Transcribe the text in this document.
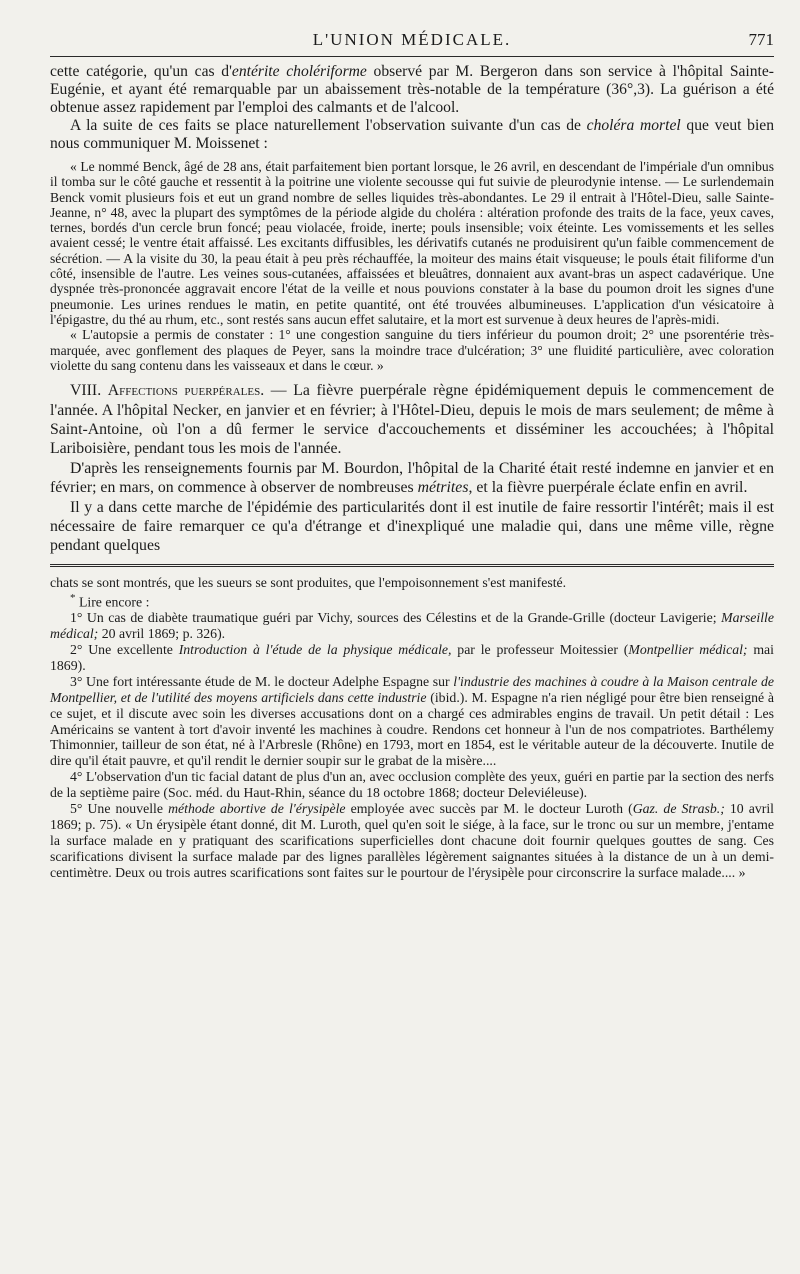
L'UNION MÉDICALE.	771

cette catégorie, qu'un cas d'entérite cholériforme observé par M. Bergeron dans son service à l'hôpital Sainte-Eugénie, et ayant été remarquable par un abaissement très-notable de la température (36°,3). La guérison a été obtenue assez rapidement par l'emploi des calmants et de l'alcool.

A la suite de ces faits se place naturellement l'observation suivante d'un cas de choléra mortel que veut bien nous communiquer M. Moissenet :

« Le nommé Benck, âgé de 28 ans, était parfaitement bien portant lorsque, le 26 avril, en descendant de l'impériale d'un omnibus il tomba sur le côté gauche et ressentit à la poitrine une violente secousse qui fut suivie de pleurodynie intense. — Le surlendemain Benck vomit plusieurs fois et eut un grand nombre de selles liquides très-abondantes. Le 29 il entrait à l'Hôtel-Dieu, salle Sainte-Jeanne, n° 48, avec la plupart des symptômes de la période algide du choléra : altération profonde des traits de la face, yeux caves, ternes, bordés d'un cercle brun foncé; peau violacée, froide, inerte; pouls insensible; voix éteinte. Les vomissements et les selles avaient cessé; le ventre était affaissé. Les excitants diffusibles, les dérivatifs cutanés ne produisirent qu'un faible commencement de sécrétion. — A la visite du 30, la peau était à peu près réchauffée, la moiteur des mains était visqueuse; le pouls était filiforme d'un côté, insensible de l'autre. Les veines sous-cutanées, affaissées et bleuâtres, donnaient aux avant-bras un aspect cadavérique. Une dyspnée très-prononcée aggravait encore l'état de la veille et nous pouvions constater à la base du poumon droit les signes d'une pneumonie. Les urines rendues le matin, en petite quantité, ont été trouvées albumineuses. L'application d'un vésicatoire à l'épigastre, du thé au rhum, etc., sont restés sans aucun effet salutaire, et la mort est survenue à deux heures de l'après-midi.

« L'autopsie a permis de constater : 1° une congestion sanguine du tiers inférieur du poumon droit; 2° une psorentérie très-marquée, avec gonflement des plaques de Peyer, sans la moindre trace d'ulcération; 3° une fluidité particulière, avec coloration violette du sang contenu dans les vaisseaux et dans le cœur. »

VIII. Affections puerpérales. — La fièvre puerpérale règne épidémiquement depuis le commencement de l'année. A l'hôpital Necker, en janvier et en février; à l'Hôtel-Dieu, depuis le mois de mars seulement; de même à Saint-Antoine, où l'on a dû fermer le service d'accouchements et disséminer les accouchées; à l'hôpital Lariboisière, pendant tous les mois de l'année.

D'après les renseignements fournis par M. Bourdon, l'hôpital de la Charité était resté indemne en janvier et en février; en mars, on commence à observer de nombreuses métrites, et la fièvre puerpérale éclate enfin en avril.

Il y a dans cette marche de l'épidémie des particularités dont il est inutile de faire ressortir l'intérêt; mais il est nécessaire de faire remarquer ce qu'a d'étrange et d'inexpliqué une maladie qui, dans une même ville, règne pendant quelques

chats se sont montrés, que les sueurs se sont produites, que l'empoisonnement s'est manifesté.

* Lire encore :

1° Un cas de diabète traumatique guéri par Vichy, sources des Célestins et de la Grande-Grille (docteur Lavigerie; Marseille médical; 20 avril 1869; p. 326).

2° Une excellente Introduction à l'étude de la physique médicale, par le professeur Moitessier (Montpellier médical; mai 1869).

3° Une fort intéressante étude de M. le docteur Adelphe Espagne sur l'industrie des machines à coudre à la Maison centrale de Montpellier, et de l'utilité des moyens artificiels dans cette industrie (ibid.). M. Espagne n'a rien négligé pour être bien renseigné à ce sujet, et il discute avec soin les diverses accusations dont on a chargé ces admirables engins de travail. Un petit détail : Les Américains se vantent à tort d'avoir inventé les machines à coudre. Rendons cet honneur à l'un de nos compatriotes. Barthélemy Thimonnier, tailleur de son état, né à l'Arbresle (Rhône) en 1793, mort en 1854, est le véritable auteur de la découverte. Inutile de dire qu'il était pauvre, et qu'il rendit le dernier soupir sur le grabat de la misère....

4° L'observation d'un tic facial datant de plus d'un an, avec occlusion complète des yeux, guéri en partie par la section des nerfs de la septième paire (Soc. méd. du Haut-Rhin, séance du 18 octobre 1868; docteur Deleviéleuse).

5° Une nouvelle méthode abortive de l'érysipèle employée avec succès par M. le docteur Luroth (Gaz. de Strasb.; 10 avril 1869; p. 75). « Un érysipèle étant donné, dit M. Luroth, quel qu'en soit le siége, à la face, sur le tronc ou sur un membre, j'entame la surface malade en y pratiquant des scarifications superficielles dont chacune doit fournir quelques gouttes de sang. Ces scarifications divisent la surface malade par des lignes parallèles légèrement saignantes situées à la distance de un à un demi-centimètre. Deux ou trois autres scarifications sont faites sur le pourtour de l'érysipèle pour circonscrire la surface malade.... »
